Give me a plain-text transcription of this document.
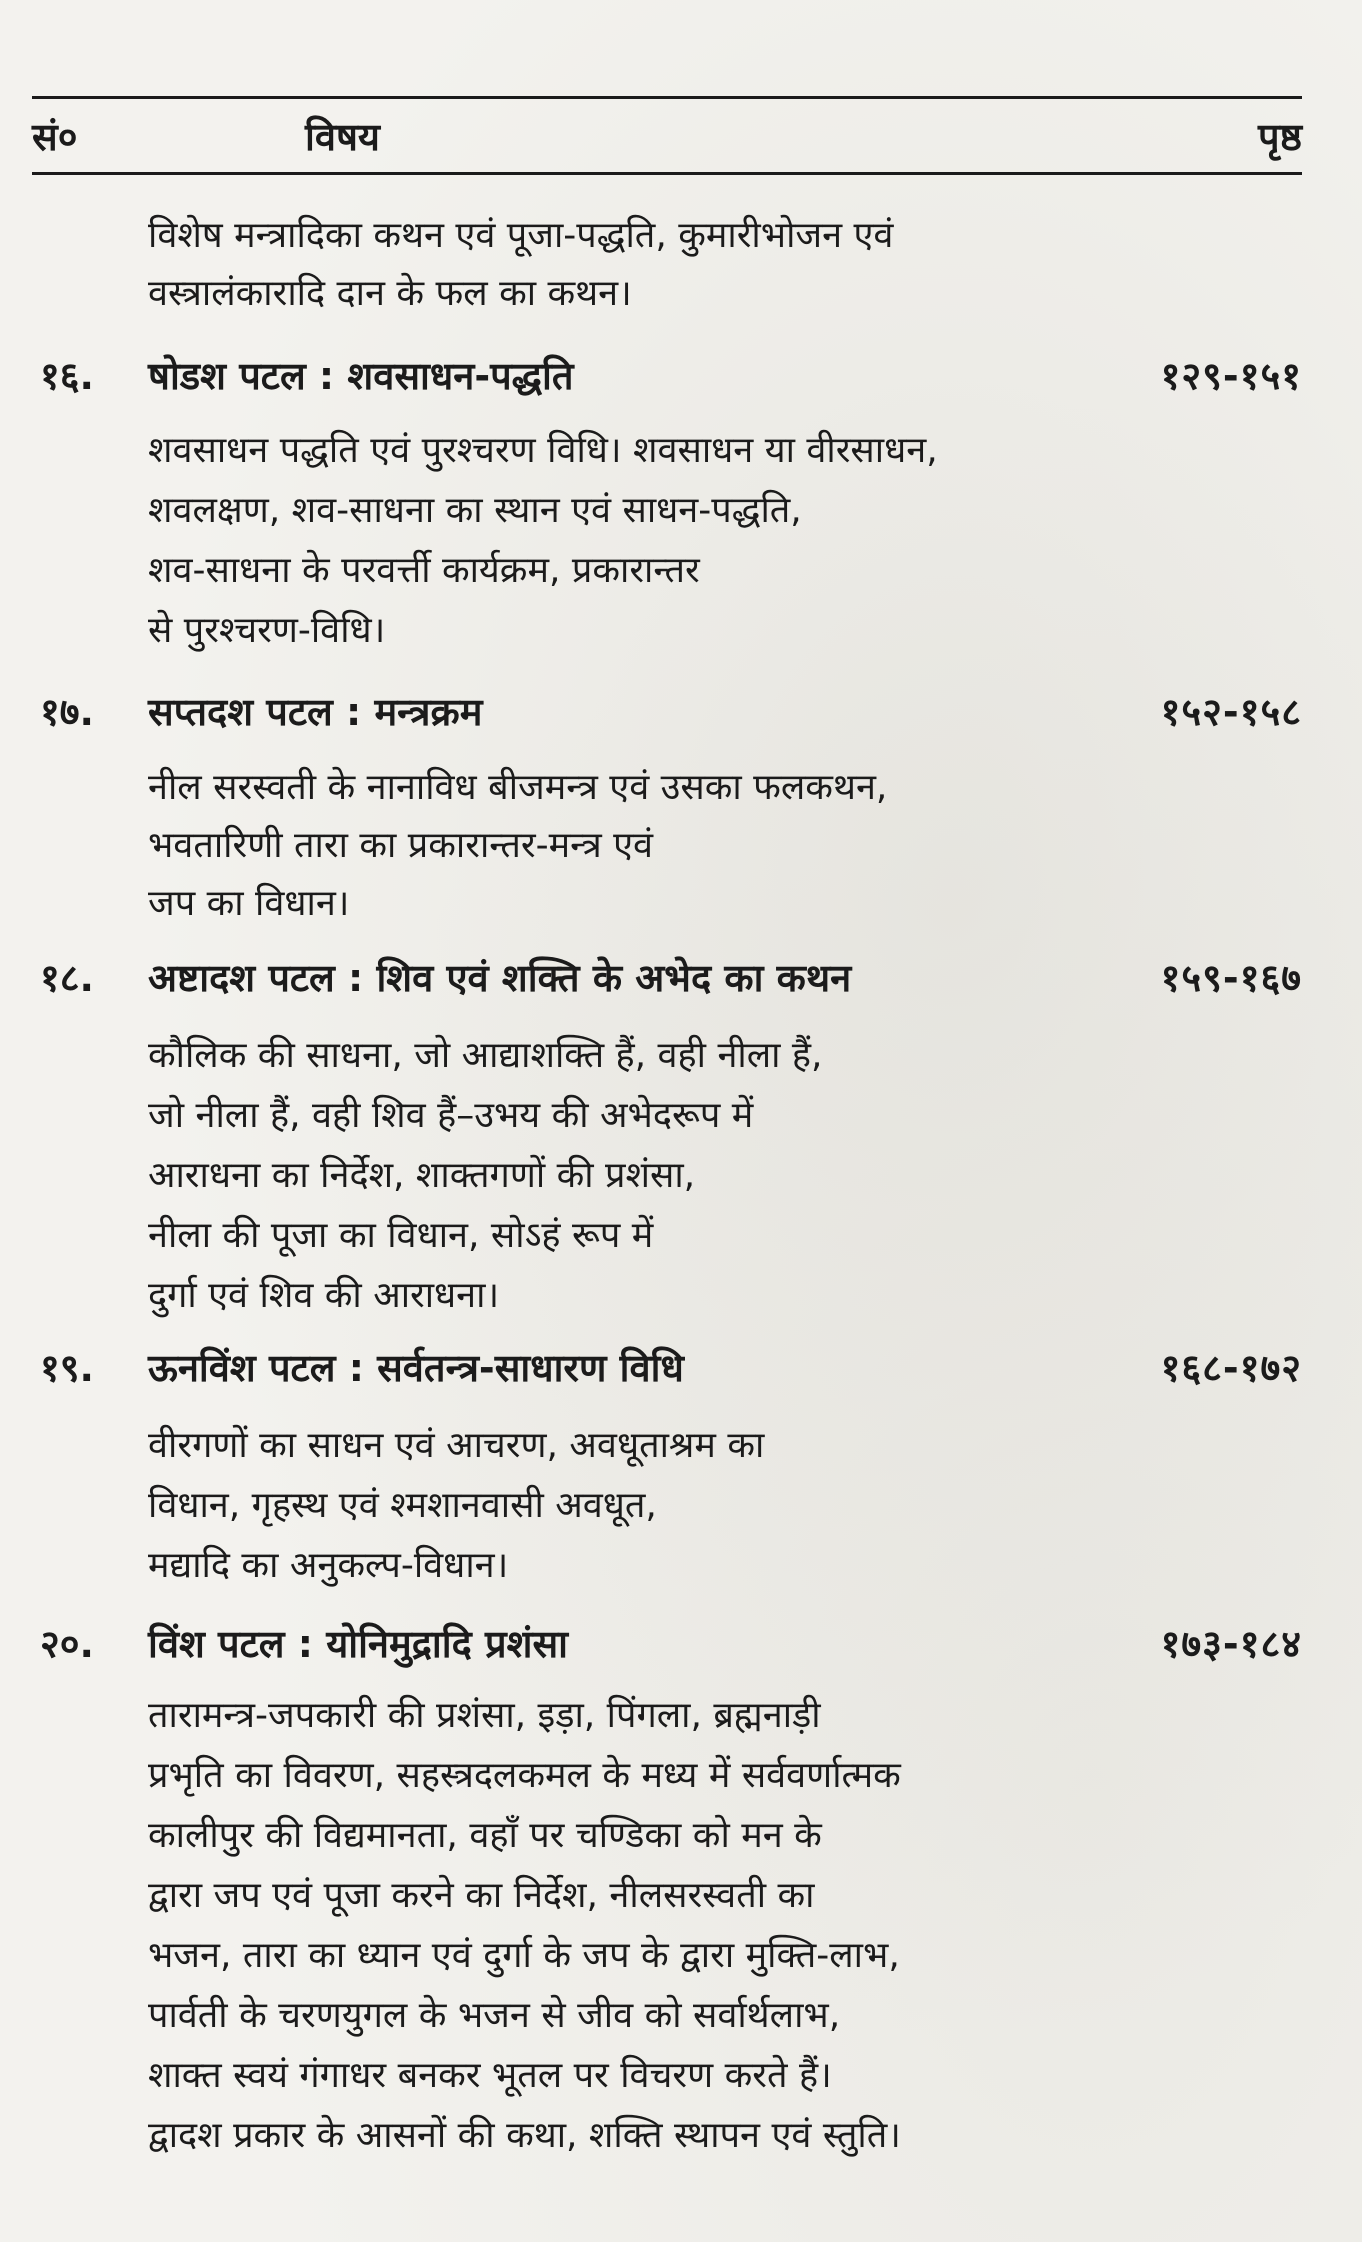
सं०	विषय	पृष्ठ
विशेष मन्त्रादिका कथन एवं पूजा-पद्धति, कुमारीभोजन एवं
वस्त्रालंकारादि दान के फल का कथन।
१६. षोडश पटल : शवसाधन-पद्धति	१२९-१५१
शवसाधन पद्धति एवं पुरश्चरण विधि। शवसाधन या वीरसाधन,
शवलक्षण, शव-साधना का स्थान एवं साधन-पद्धति,
शव-साधना के परवर्त्ती कार्यक्रम, प्रकारान्तर
से पुरश्चरण-विधि।
१७. सप्तदश पटल : मन्त्रक्रम	१५२-१५८
नील सरस्वती के नानाविध बीजमन्त्र एवं उसका फलकथन,
भवतारिणी तारा का प्रकारान्तर-मन्त्र एवं
जप का विधान।
१८. अष्टादश पटल : शिव एवं शक्ति के अभेद का कथन	१५९-१६७
कौलिक की साधना, जो आद्याशक्ति हैं, वही नीला हैं,
जो नीला हैं, वही शिव हैं–उभय की अभेदरूप में
आराधना का निर्देश, शाक्तगणों की प्रशंसा,
नीला की पूजा का विधान, सोऽहं रूप में
दुर्गा एवं शिव की आराधना।
१९. ऊनविंश पटल : सर्वतन्त्र-साधारण विधि	१६८-१७२
वीरगणों का साधन एवं आचरण, अवधूताश्रम का
विधान, गृहस्थ एवं श्मशानवासी अवधूत,
मद्यादि का अनुकल्प-विधान।
२०. विंश पटल : योनिमुद्रादि प्रशंसा	१७३-१८४
तारामन्त्र-जपकारी की प्रशंसा, इड़ा, पिंगला, ब्रह्मनाड़ी
प्रभृति का विवरण, सहस्त्रदलकमल के मध्य में सर्ववर्णात्मक
कालीपुर की विद्यमानता, वहाँ पर चण्डिका को मन के
द्वारा जप एवं पूजा करने का निर्देश, नीलसरस्वती का
भजन, तारा का ध्यान एवं दुर्गा के जप के द्वारा मुक्ति-लाभ,
पार्वती के चरणयुगल के भजन से जीव को सर्वार्थलाभ,
शाक्त स्वयं गंगाधर बनकर भूतल पर विचरण करते हैं।
द्वादश प्रकार के आसनों की कथा, शक्ति स्थापन एवं स्तुति।
